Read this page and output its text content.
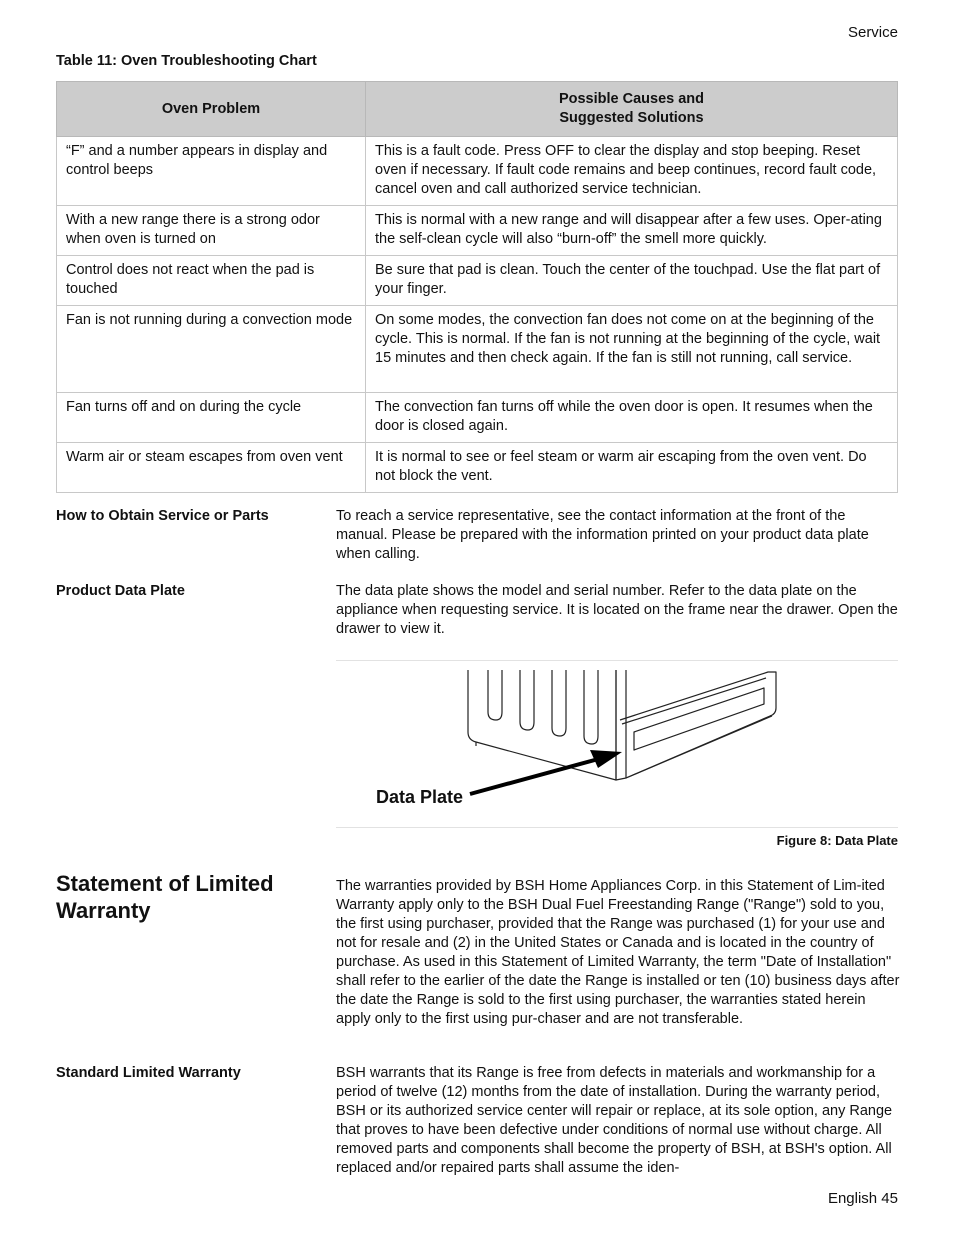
Service
Table 11: Oven Troubleshooting Chart
Oven Problem	Possible Causes and
Suggested Solutions

“F” and a number appears in display and control beeps	This is a fault code. Press OFF to clear the display and stop beeping. Reset oven if necessary. If fault code remains and beep continues, record fault code, cancel oven and call authorized service technician.
With a new range there is a strong odor when oven is turned on	This is normal with a new range and will disappear after a few uses. Oper-ating the self-clean cycle will also “burn-off” the smell more quickly.
Control does not react when the pad is touched	Be sure that pad is clean. Touch the center of the touchpad. Use the flat part of your finger.
Fan is not running during a convection mode	On some modes, the convection fan does not come on at the beginning of the cycle. This is normal. If the fan is not running at the beginning of the cycle, wait 15 minutes and then check again. If the fan is still not running, call service.
Fan turns off and on during the cycle	The convection fan turns off while the oven door is open. It resumes when the door is closed again.
Warm air or steam escapes from oven vent	It is normal to see or feel steam or warm air escaping from the oven vent. Do not block the vent.
How to Obtain Service or Parts	To reach a service representative, see the contact information at the front of the manual. Please be prepared with the information printed on your product data plate when calling.
Product Data Plate	The data plate shows the model and serial number. Refer to the data plate on the appliance when requesting service. It is located on the frame near the drawer. Open the drawer to view it.
Data Plate
Figure 8: Data Plate
Statement of Limited Warranty
The warranties provided by BSH Home Appliances Corp. in this Statement of Lim-ited Warranty apply only to the BSH Dual Fuel Freestanding Range ("Range") sold to you, the first using purchaser, provided that the Range was purchased (1) for your use and not for resale and (2) in the United States or Canada and is located in the country of purchase. As used in this Statement of Limited Warranty, the term "Date of Installation" shall refer to the earlier of the date the Range is installed or ten (10) business days after the date the Range is sold to the first using purchaser, the warranties stated herein apply only to the first using pur-chaser and are not transferable.
Standard Limited Warranty	BSH warrants that its Range is free from defects in materials and workmanship for a period of twelve (12) months from the date of installation. During the warranty period, BSH or its authorized service center will repair or replace, at its sole option, any Range that proves to have been defective under conditions of normal use without charge. All removed parts and components shall become the property of BSH, at BSH's option. All replaced and/or repaired parts shall assume the iden-
English 45
